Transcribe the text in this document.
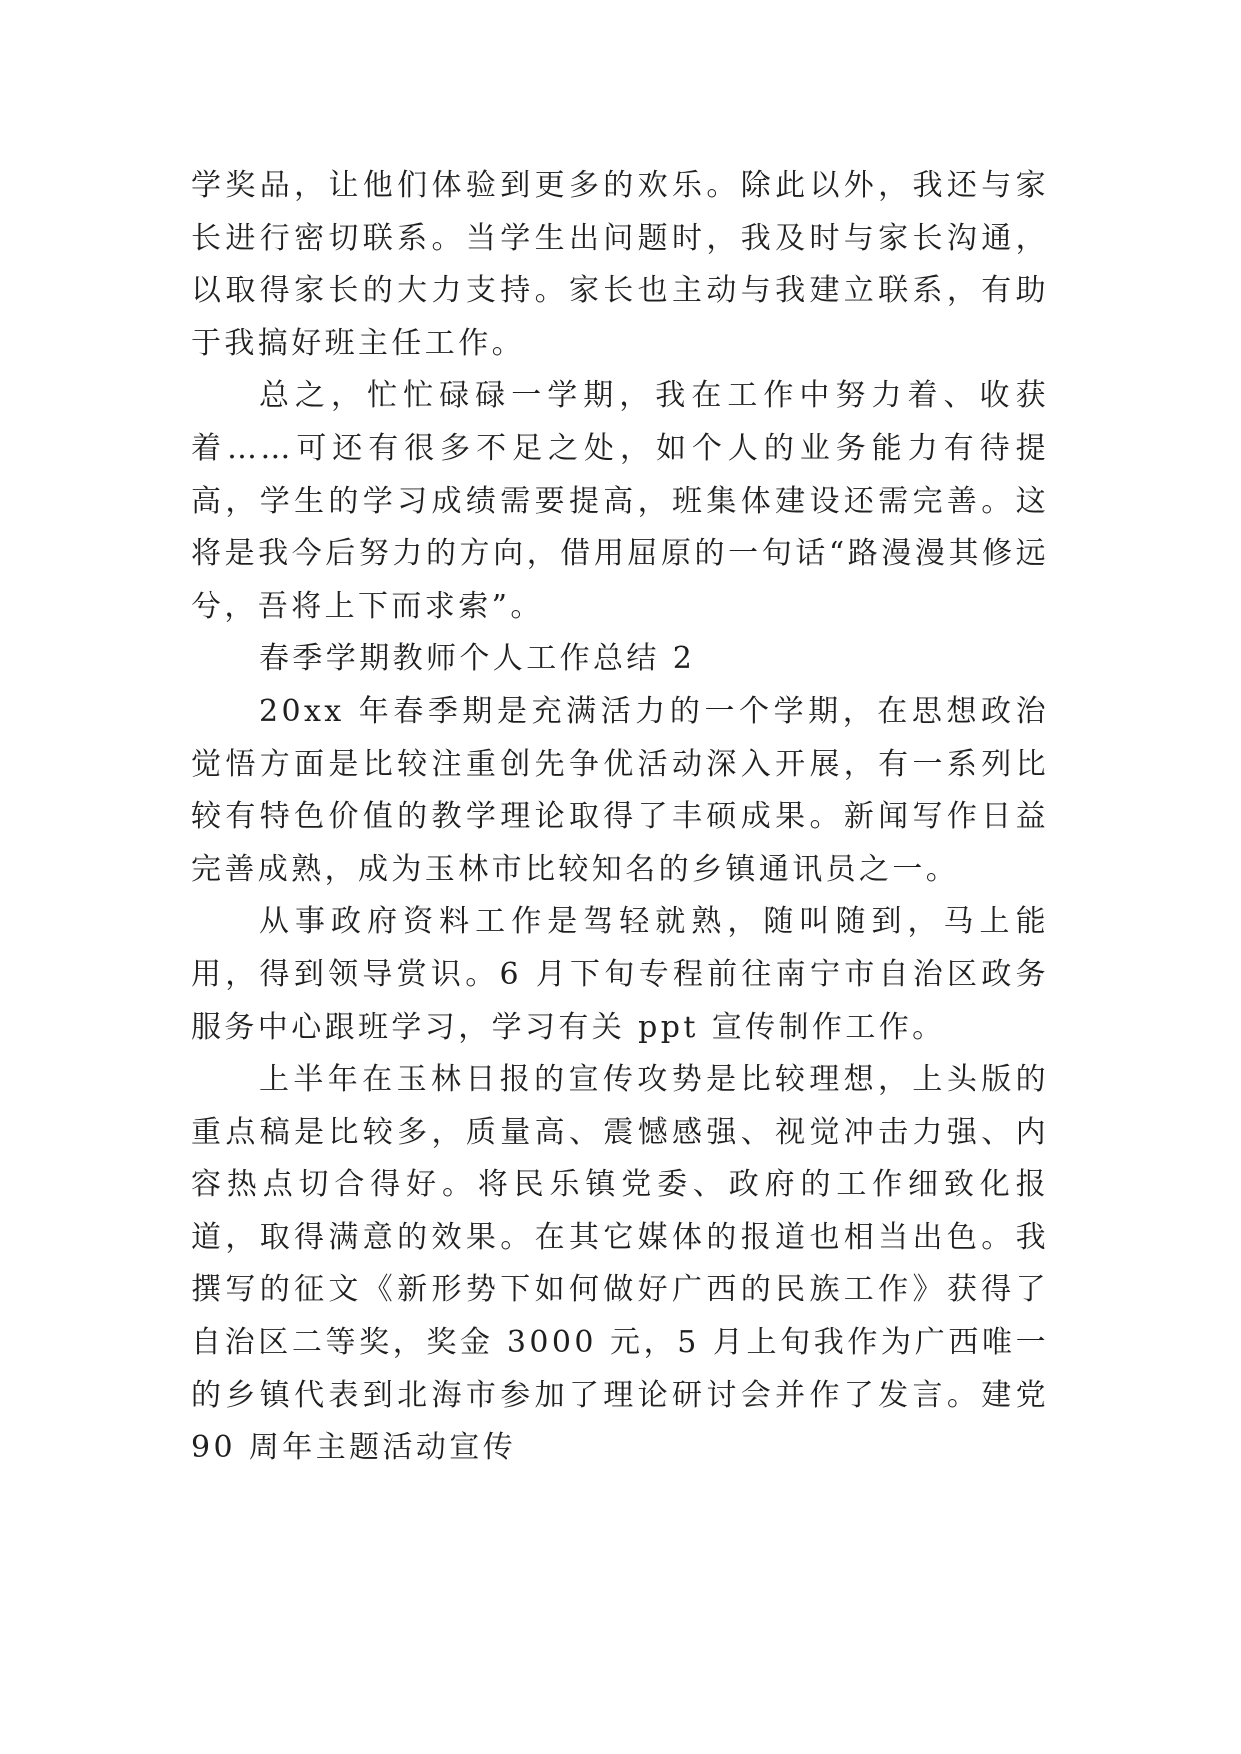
学奖品，让他们体验到更多的欢乐。除此以外，我还与家长进行密切联系。当学生出问题时，我及时与家长沟通，以取得家长的大力支持。家长也主动与我建立联系，有助于我搞好班主任工作。

总之，忙忙碌碌一学期，我在工作中努力着、收获着……可还有很多不足之处，如个人的业务能力有待提高，学生的学习成绩需要提高，班集体建设还需完善。这将是我今后努力的方向，借用屈原的一句话“路漫漫其修远兮，吾将上下而求索”。

春季学期教师个人工作总结 2

20xx 年春季期是充满活力的一个学期，在思想政治觉悟方面是比较注重创先争优活动深入开展，有一系列比较有特色价值的教学理论取得了丰硕成果。新闻写作日益完善成熟，成为玉林市比较知名的乡镇通讯员之一。

从事政府资料工作是驾轻就熟，随叫随到，马上能用，得到领导赏识。6 月下旬专程前往南宁市自治区政务服务中心跟班学习，学习有关 ppt 宣传制作工作。

上半年在玉林日报的宣传攻势是比较理想，上头版的重点稿是比较多，质量高、震憾感强、视觉冲击力强、内容热点切合得好。将民乐镇党委、政府的工作细致化报道，取得满意的效果。在其它媒体的报道也相当出色。我撰写的征文《新形势下如何做好广西的民族工作》获得了自治区二等奖，奖金 3000 元，5 月上旬我作为广西唯一的乡镇代表到北海市参加了理论研讨会并作了发言。建党 90 周年主题活动宣传
